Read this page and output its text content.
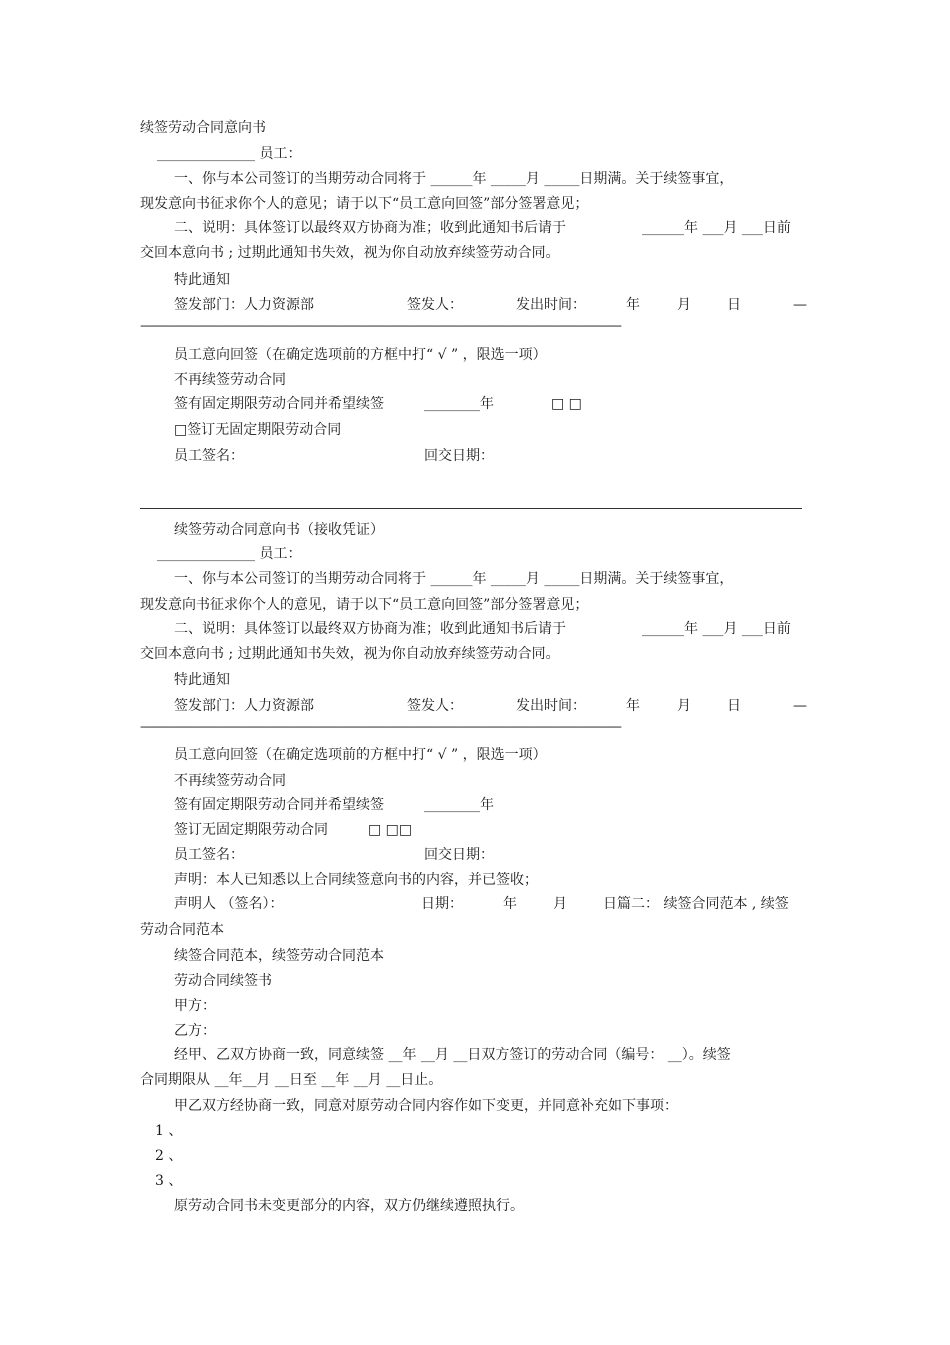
续签劳动合同意向书
______________ 员工：
一、你与本公司签订的当期劳动合同将于 ______年 _____月 _____日期满。关于续签事宜，
现发意向书征求你个人的意见；请于以下“员工意向回签”部分签署意见；
二、说明：具体签订以最终双方协商为准；收到此通知书后请于	______年 ___月 ___日前
交回本意向书 ; 过期此通知书失效，视为你自动放弃续签劳动合同。
特此通知
签发部门：人力资源部	签发人：	发出时间：	年	月	日	—
————————————————————————————————————————
员工意向回签（在确定选项前的方框中打“ √ ” ，限选一项）
不再续签劳动合同
签有固定期限劳动合同并希望续签	________年	□ □
□签订无固定期限劳动合同
员工签名：	回交日期：
续签劳动合同意向书（接收凭证）
______________ 员工：
一、你与本公司签订的当期劳动合同将于 ______年 _____月 _____日期满。关于续签事宜，
现发意向书征求你个人的意见，请于以下“员工意向回签”部分签署意见；
二、说明：具体签订以最终双方协商为准；收到此通知书后请于	______年 ___月 ___日前
交回本意向书 ; 过期此通知书失效，视为你自动放弃续签劳动合同。
特此通知
签发部门：人力资源部	签发人：	发出时间：	年	月	日	—
————————————————————————————————————————
员工意向回签（在确定选项前的方框中打“ √ ” ，限选一项）
不再续签劳动合同
签有固定期限劳动合同并希望续签	________年
签订无固定期限劳动合同	□ □□
员工签名：	回交日期：
声明：本人已知悉以上合同续签意向书的内容，并已签收；
声明人 （签名）：	日期：	年	月	日篇二： 续签合同范本 , 续签
劳动合同范本
续签合同范本，续签劳动合同范本
劳动合同续签书
甲方：
乙方：
经甲、乙双方协商一致，同意续签 __年 __月 __日双方签订的劳动合同（编号： __）。续签
合同期限从 __年__月 __日至 __年 __月 __日止。
甲乙双方经协商一致，同意对原劳动合同内容作如下变更，并同意补充如下事项：
1 、
2 、
3 、
原劳动合同书未变更部分的内容，双方仍继续遵照执行。
